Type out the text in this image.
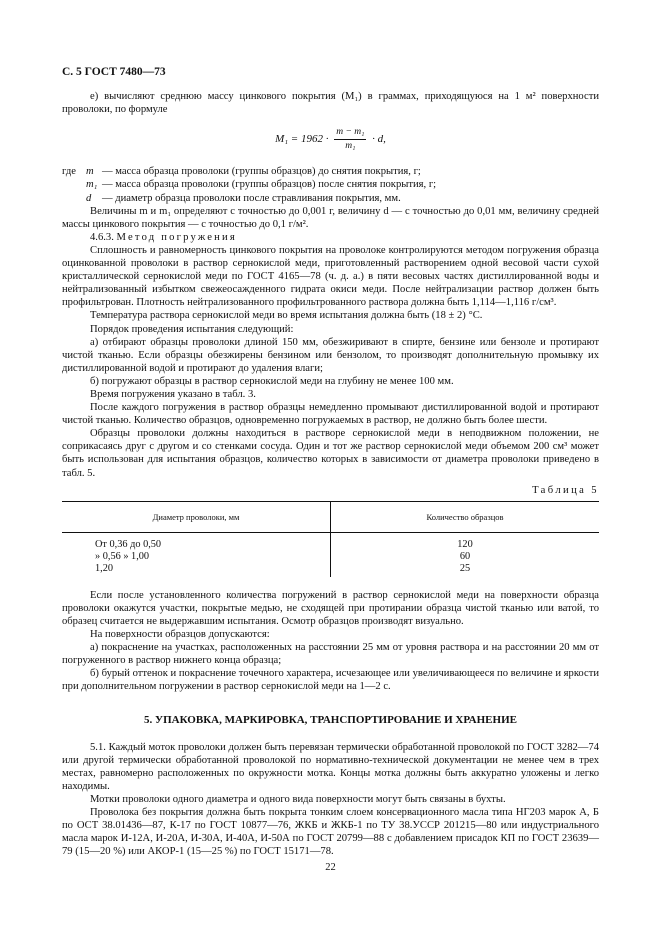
С. 5 ГОСТ 7480—73

е) вычисляют среднюю массу цинкового покрытия (M₁) в граммах, приходящуюся на 1 м² поверхности проволоки, по формуле

$M_1 = 1962 \cdot \frac{\text{m − m₁}}{\text{m₁}} \cdot d$,
где m — масса образца проволоки (группы образцов) до снятия покрытия, г;
m₁ — масса образца проволоки (группы образцов) после снятия покрытия, г;
d	— диаметр образца проволоки после стравливания покрытия, мм.

Величины m и m₁ определяют с точностью до 0,001 г, величину d — с точностью до 0,01 мм, величину средней массы цинкового покрытия — с точностью до 0,1 г/м².

4.6.3. Метод погружения

Сплошность и равномерность цинкового покрытия на проволоке контролируются методом погружения образца оцинкованной проволоки в раствор сернокислой меди, приготовленный растворением одной весовой части сухой кристаллической сернокислой меди по ГОСТ 4165—78 (ч. д. а.) в пяти весовых частях дистиллированной воды и нейтрализованный избытком свежеосажденного гидрата окиси меди. После нейтрализации раствор должен быть профильтрован. Плотность нейтрализованного профильтрованного раствора должна быть 1,114—1,116 г/см³.

Температура раствора сернокислой меди во время испытания должна быть (18 ± 2) °С.

Порядок проведения испытания следующий:

а) отбирают образцы проволоки длиной 150 мм, обезжиривают в спирте, бензине или бензоле и протирают чистой тканью. Если образцы обезжирены бензином или бензолом, то производят дополнительную промывку их дистиллированной водой и протирают до удаления влаги;

б) погружают образцы в раствор сернокислой меди на глубину не менее 100 мм.

Время погружения указано в табл. 3.

После каждого погружения в раствор образцы немедленно промывают дистиллированной водой и протирают чистой тканью. Количество образцов, одновременно погружаемых в раствор, не должно быть более шести.

Образцы проволоки должны находиться в растворе сернокислой меди в неподвижном положении, не соприкасаясь друг с другом и со стенками сосуда. Один и тот же раствор сернокислой меди объемом 200 см³ может быть использован для испытания образцов, количество которых в зависимости от диаметра проволоки приведено в табл. 5.

Таблица 5
Диаметр проволоки, мм	Количество образцов
От 0,36 до 0,50	120
» 0,56 » 1,00	60
1,20	25

Если после установленного количества погружений в раствор сернокислой меди на поверхности образца проволоки окажутся участки, покрытые медью, не сходящей при протирании образца чистой тканью или ватой, то образец считается не выдержавшим испытания. Осмотр образцов производят визуально.

На поверхности образцов допускаются:

а) покраснение на участках, расположенных на расстоянии 25 мм от уровня раствора и на расстоянии 20 мм от погруженного в раствор нижнего конца образца;

б) бурый оттенок и покраснение точечного характера, исчезающее или увеличивающееся по величине и яркости при дополнительном погружении в раствор сернокислой меди на 1—2 с.

5. УПАКОВКА, МАРКИРОВКА, ТРАНСПОРТИРОВАНИЕ И ХРАНЕНИЕ

5.1. Каждый моток проволоки должен быть перевязан термически обработанной проволокой по ГОСТ 3282—74 или другой термически обработанной проволокой по нормативно-технической документации не менее чем в трех местах, равномерно расположенных по окружности мотка. Концы мотка должны быть аккуратно уложены и легко находимы.

Мотки проволоки одного диаметра и одного вида поверхности могут быть связаны в бухты.

Проволока без покрытия должна быть покрыта тонким слоем консервационного масла типа НГ203 марок А, Б по ОСТ 38.01436—87, К-17 по ГОСТ 10877—76, ЖКБ и ЖКБ-1 по ТУ 38.УССР 201215—80 или индустриального масла марок И-12А, И-20А, И-30А, И-40А, И-50А по ГОСТ 20799—88 с добавлением присадок КП по ГОСТ 23639—79 (15—20 %) или АКОР-1 (15—25 %) по ГОСТ 15171—78.

22
